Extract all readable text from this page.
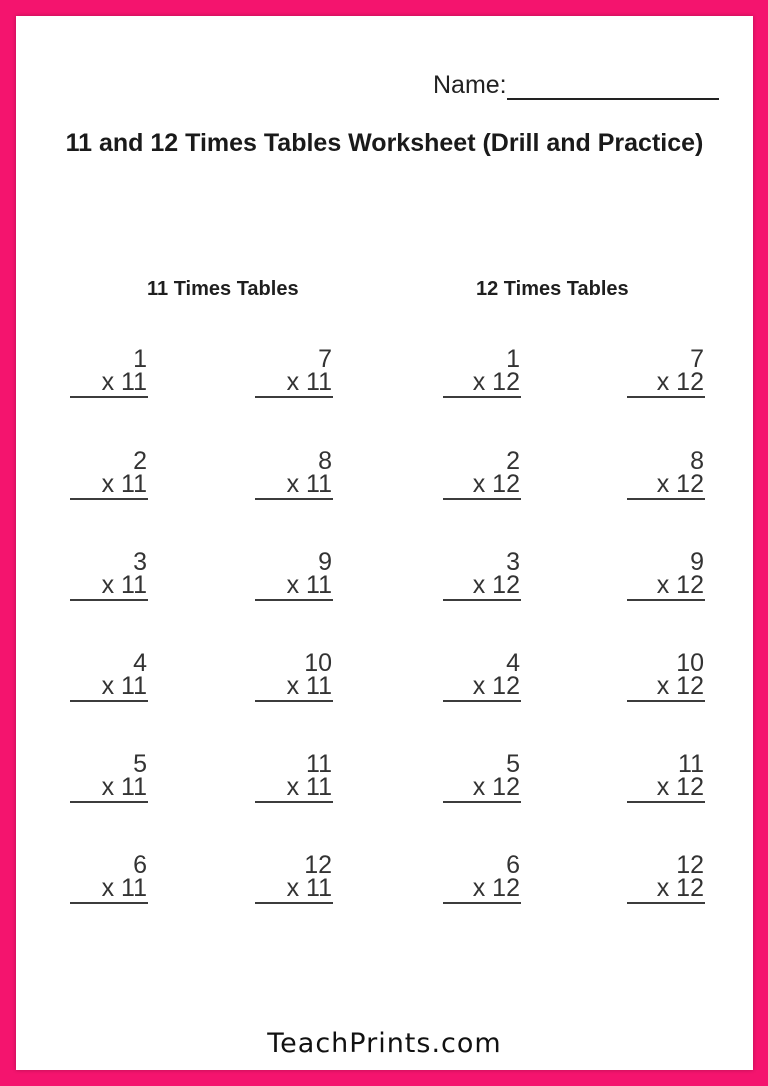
Name:
11 and 12 Times Tables Worksheet (Drill and Practice)
11 Times Tables	12 Times Tables
1
x 11
2
x 11
3
x 11
4
x 11
5
x 11
6
x 11
7
x 11
8
x 11
9
x 11
10
x 11
11
x 11
12
x 11
1
x 12
2
x 12
3
x 12
4
x 12
5
x 12
6
x 12
7
x 12
8
x 12
9
x 12
10
x 12
11
x 12
12
x 12
TeachPrints.com
